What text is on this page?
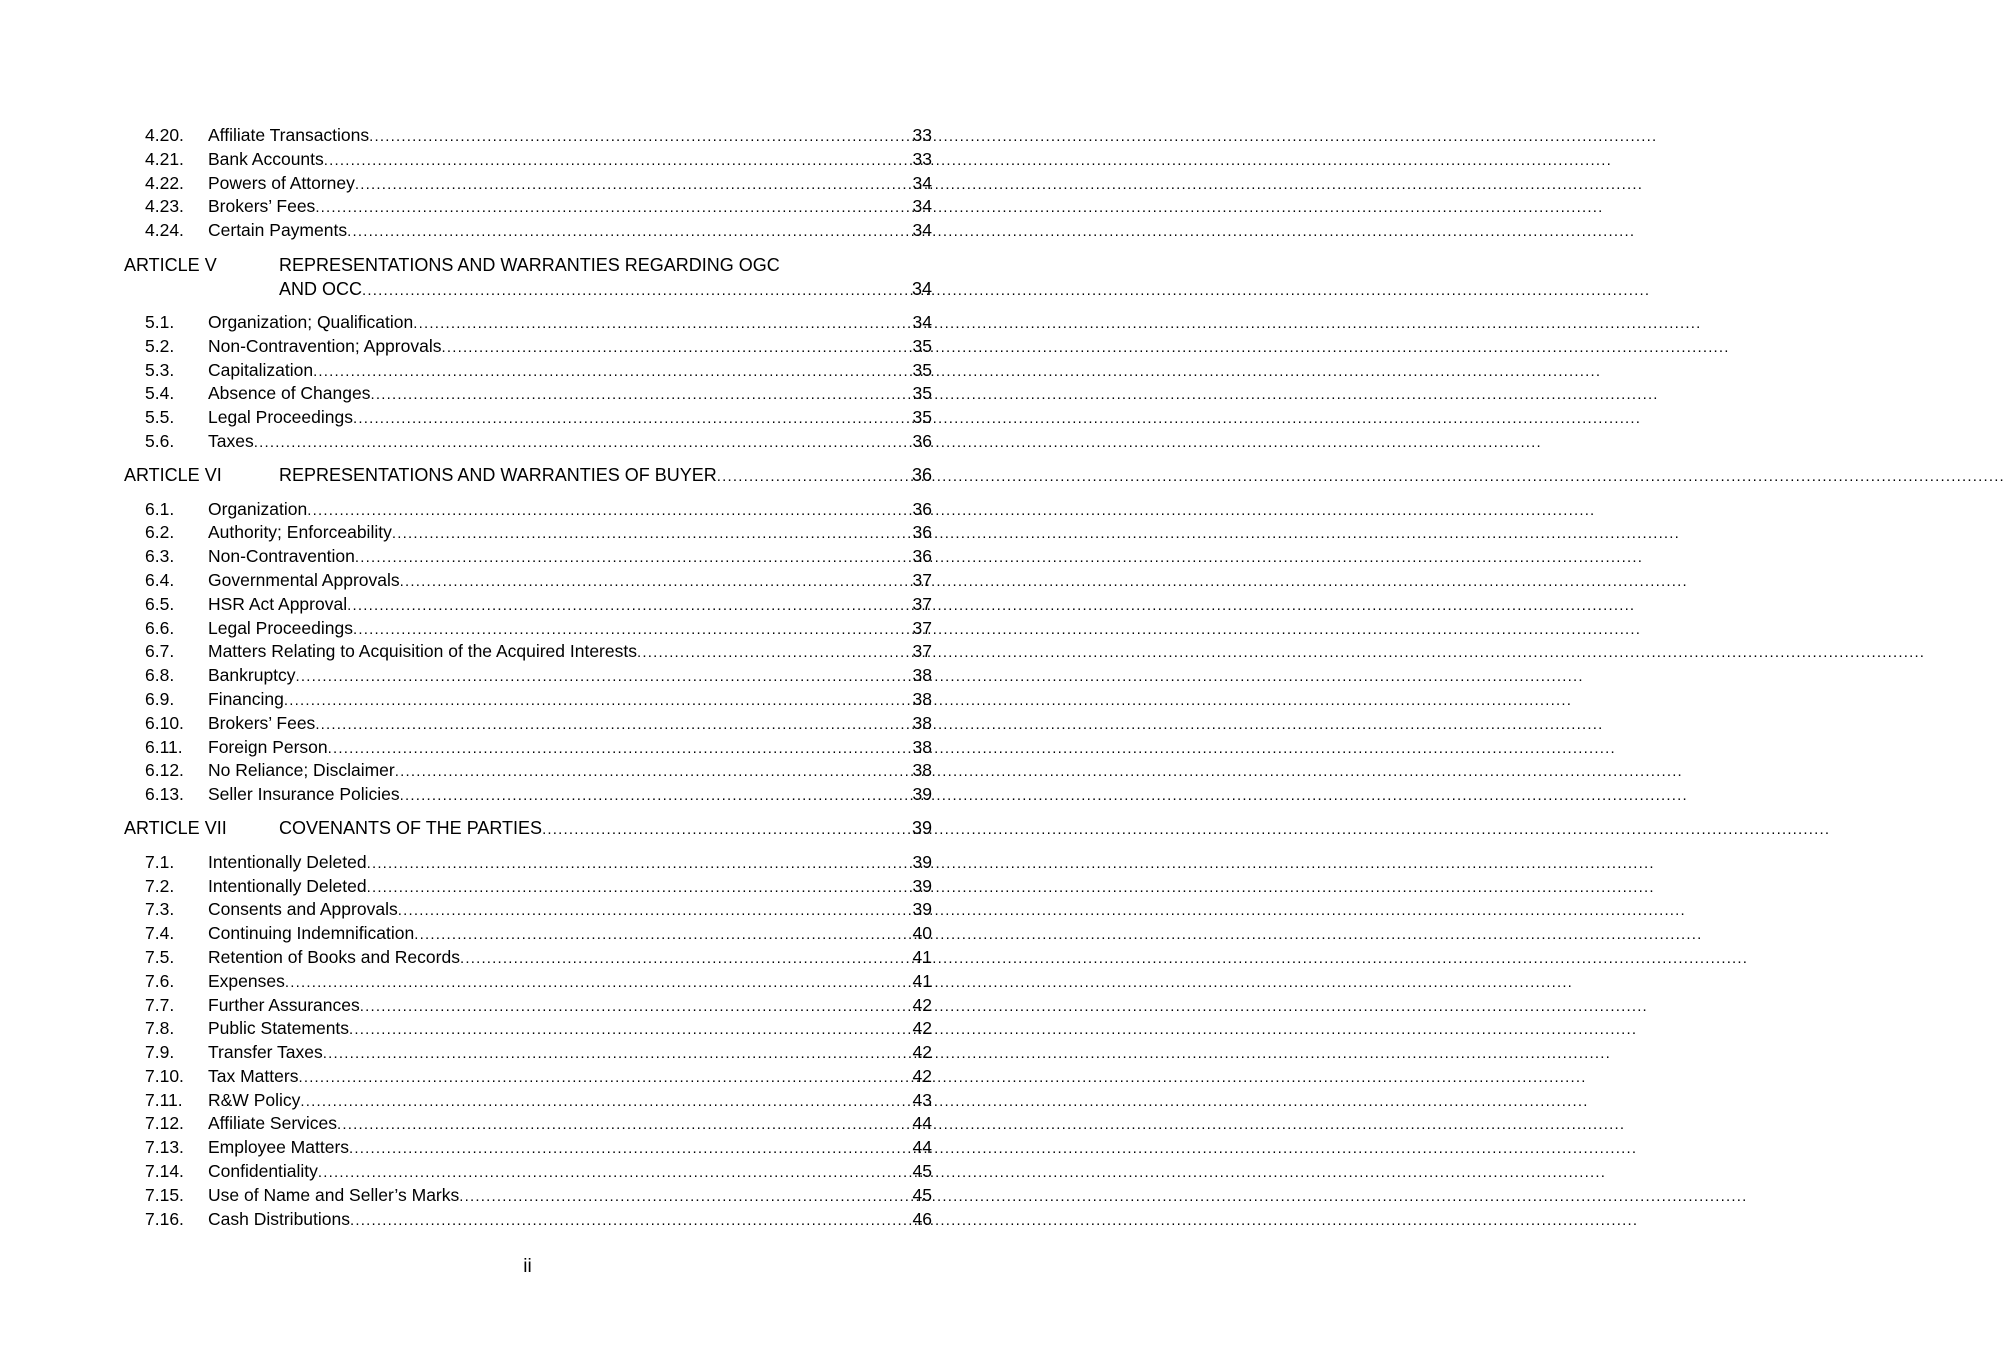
4.20.	Affiliate Transactions .....	33
4.21.	Bank Accounts .....	33
4.22.	Powers of Attorney .....	34
4.23.	Brokers’ Fees .....	34
4.24.	Certain Payments .....	34
ARTICLE V	REPRESENTATIONS AND WARRANTIES REGARDING OGC
AND OCC .....	34
5.1.	Organization; Qualification .....	34
5.2.	Non-Contravention; Approvals .....	35
5.3.	Capitalization .....	35
5.4.	Absence of Changes .....	35
5.5.	Legal Proceedings .....	35
5.6.	Taxes .....	36
ARTICLE VI	REPRESENTATIONS AND WARRANTIES OF BUYER .....	36
6.1.	Organization .....	36
6.2.	Authority; Enforceability .....	36
6.3.	Non-Contravention .....	36
6.4.	Governmental Approvals .....	37
6.5.	HSR Act Approval .....	37
6.6.	Legal Proceedings .....	37
6.7.	Matters Relating to Acquisition of the Acquired Interests .....	37
6.8.	Bankruptcy .....	38
6.9.	Financing .....	38
6.10.	Brokers’ Fees .....	38
6.11.	Foreign Person .....	38
6.12.	No Reliance; Disclaimer .....	38
6.13.	Seller Insurance Policies .....	39
ARTICLE VII	COVENANTS OF THE PARTIES .....	39
7.1.	Intentionally Deleted .....	39
7.2.	Intentionally Deleted .....	39
7.3.	Consents and Approvals .....	39
7.4.	Continuing Indemnification .....	40
7.5.	Retention of Books and Records .....	41
7.6.	Expenses .....	41
7.7.	Further Assurances .....	42
7.8.	Public Statements .....	42
7.9.	Transfer Taxes .....	42
7.10.	Tax Matters .....	42
7.11.	R&W Policy .....	43
7.12.	Affiliate Services .....	44
7.13.	Employee Matters .....	44
7.14.	Confidentiality .....	45
7.15.	Use of Name and Seller’s Marks .....	45
7.16.	Cash Distributions .....	46
ii
